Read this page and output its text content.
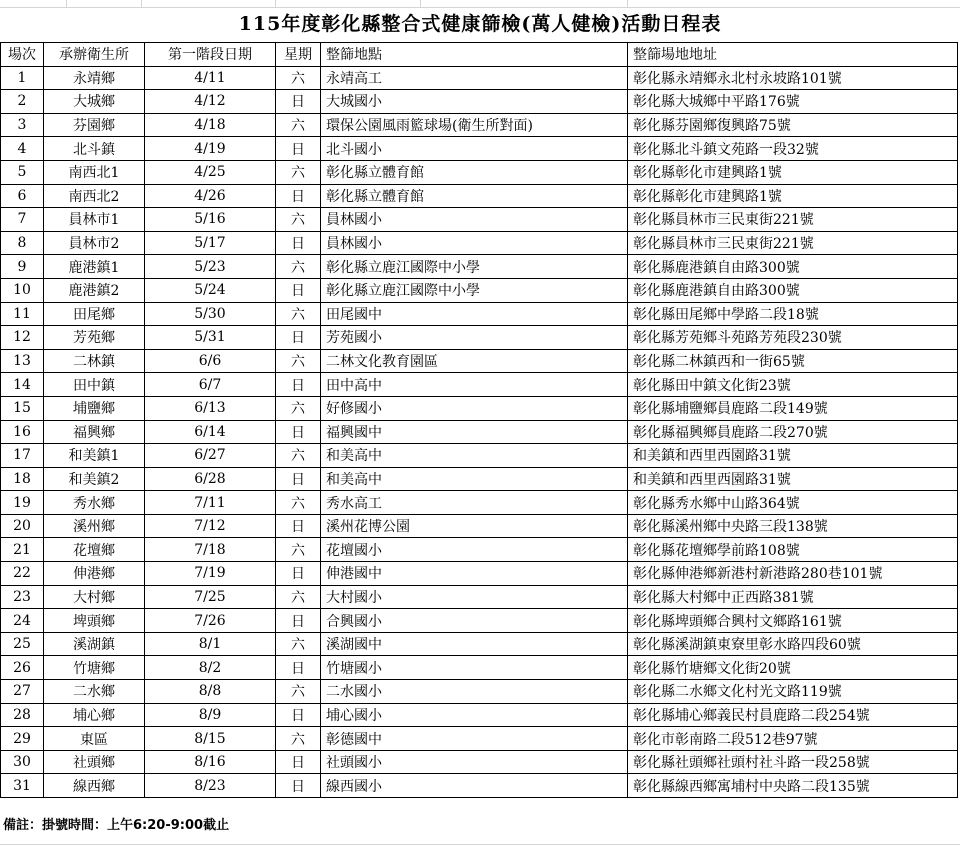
115年度彰化縣整合式健康篩檢(萬人健檢)活動日程表
場次	承辦衛生所	第一階段日期	星期	整篩地點	整篩場地地址
1	永靖鄉	4/11	六	永靖高工	彰化縣永靖鄉永北村永坡路101號
2	大城鄉	4/12	日	大城國小	彰化縣大城鄉中平路176號
3	芬園鄉	4/18	六	環保公園風雨籃球場(衛生所對面)	彰化縣芬園鄉復興路75號
4	北斗鎮	4/19	日	北斗國小	彰化縣北斗鎮文苑路一段32號
5	南西北1	4/25	六	彰化縣立體育館	彰化縣彰化市建興路1號
6	南西北2	4/26	日	彰化縣立體育館	彰化縣彰化市建興路1號
7	員林市1	5/16	六	員林國小	彰化縣員林市三民東街221號
8	員林市2	5/17	日	員林國小	彰化縣員林市三民東街221號
9	鹿港鎮1	5/23	六	彰化縣立鹿江國際中小學	彰化縣鹿港鎮自由路300號
10	鹿港鎮2	5/24	日	彰化縣立鹿江國際中小學	彰化縣鹿港鎮自由路300號
11	田尾鄉	5/30	六	田尾國中	彰化縣田尾鄉中學路二段18號
12	芳苑鄉	5/31	日	芳苑國小	彰化縣芳苑鄉斗苑路芳苑段230號
13	二林鎮	6/6	六	二林文化教育園區	彰化縣二林鎮西和一街65號
14	田中鎮	6/7	日	田中高中	彰化縣田中鎮文化街23號
15	埔鹽鄉	6/13	六	好修國小	彰化縣埔鹽鄉員鹿路二段149號
16	福興鄉	6/14	日	福興國中	彰化縣福興鄉員鹿路二段270號
17	和美鎮1	6/27	六	和美高中	和美鎮和西里西園路31號
18	和美鎮2	6/28	日	和美高中	和美鎮和西里西園路31號
19	秀水鄉	7/11	六	秀水高工	彰化縣秀水鄉中山路364號
20	溪州鄉	7/12	日	溪州花博公園	彰化縣溪州鄉中央路三段138號
21	花壇鄉	7/18	六	花壇國小	彰化縣花壇鄉學前路108號
22	伸港鄉	7/19	日	伸港國中	彰化縣伸港鄉新港村新港路280巷101號
23	大村鄉	7/25	六	大村國小	彰化縣大村鄉中正西路381號
24	埤頭鄉	7/26	日	合興國小	彰化縣埤頭鄉合興村文鄉路161號
25	溪湖鎮	8/1	六	溪湖國中	彰化縣溪湖鎮東寮里彰水路四段60號
26	竹塘鄉	8/2	日	竹塘國小	彰化縣竹塘鄉文化街20號
27	二水鄉	8/8	六	二水國小	彰化縣二水鄉文化村光文路119號
28	埔心鄉	8/9	日	埔心國小	彰化縣埔心鄉義民村員鹿路二段254號
29	東區	8/15	六	彰德國中	彰化市彰南路二段512巷97號
30	社頭鄉	8/16	日	社頭國小	彰化縣社頭鄉社頭村社斗路一段258號
31	線西鄉	8/23	日	線西國小	彰化縣線西鄉寓埔村中央路二段135號
備註：掛號時間：上午6:20-9:00截止
